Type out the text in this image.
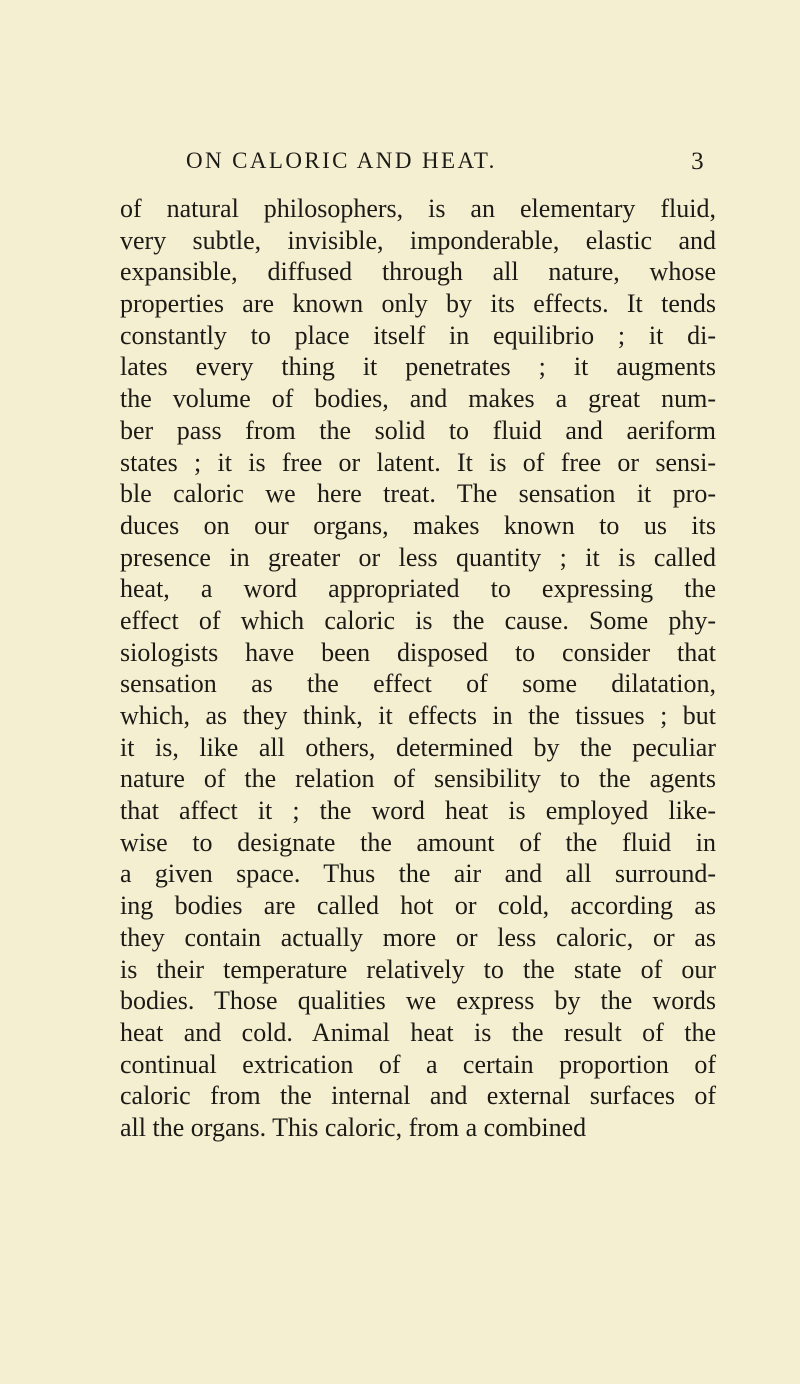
ON CALORIC AND HEAT.	3
of natural philosophers, is an elementary fluid,
very subtle, invisible, imponderable, elastic and
expansible, diffused through all nature, whose
properties are known only by its effects. It tends
constantly to place itself in equilibrio ; it di-
lates every thing it penetrates ; it augments
the volume of bodies, and makes a great num-
ber pass from the solid to fluid and aeriform
states ; it is free or latent. It is of free or sensi-
ble caloric we here treat. The sensation it pro-
duces on our organs, makes known to us its
presence in greater or less quantity ; it is called
heat, a word appropriated to expressing the
effect of which caloric is the cause. Some phy-
siologists have been disposed to consider that
sensation as the effect of some dilatation,
which, as they think, it effects in the tissues ; but
it is, like all others, determined by the peculiar
nature of the relation of sensibility to the agents
that affect it ; the word heat is employed like-
wise to designate the amount of the fluid in
a given space. Thus the air and all surround-
ing bodies are called hot or cold, according as
they contain actually more or less caloric, or as
is their temperature relatively to the state of our
bodies. Those qualities we express by the words
heat and cold. Animal heat is the result of the
continual extrication of a certain proportion of
caloric from the internal and external surfaces of
all the organs. This caloric, from a combined
